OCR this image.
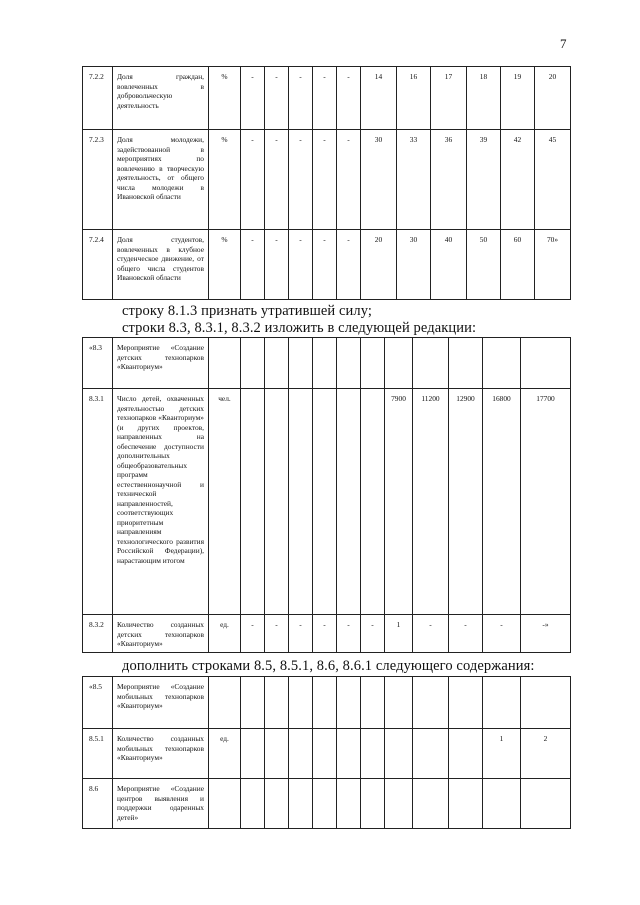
7
7.2.2	Доля граждан, вовлеченных в добровольческую деятельность	%	-	-	-	-	-	14	16	17	18	19	20
7.2.3	Доля молодежи, задействованной в мероприятиях по вовлечению в творческую деятельность, от общего числа молодежи в Ивановской области	%	-	-	-	-	-	30	33	36	39	42	45
7.2.4	Доля студентов, вовлеченных в клубное студенческое движение, от общего числа студентов Ивановской области	%	-	-	-	-	-	20	30	40	50	60	70»
строку 8.1.3 признать утратившей силу;
строки 8.3, 8.3.1, 8.3.2 изложить в следующей редакции:
«8.3	Мероприятие «Создание детских технопарков «Кванториум»												
8.3.1	Число детей, охваченных деятельностью детских технопарков «Кванториум» (и других проектов, направленных на обеспечение доступности дополнительных общеобразовательных программ естественнонаучной и технической направленностей, соответствующих приоритетным направлениям технологического развития Российской Федерации), нарастающим итогом	чел.							7900	11200	12900	16800	17700
8.3.2	Количество созданных детских технопарков «Кванториум»	ед.	-	-	-	-	-	-	1	-	-	-	-»
дополнить строками 8.5, 8.5.1, 8.6, 8.6.1 следующего содержания:
«8.5	Мероприятие «Создание мобильных технопарков «Кванториум»												
8.5.1	Количество созданных мобильных технопарков «Кванториум»	ед.										1	2
8.6	Мероприятие «Создание центров выявления и поддержки одаренных детей»												
